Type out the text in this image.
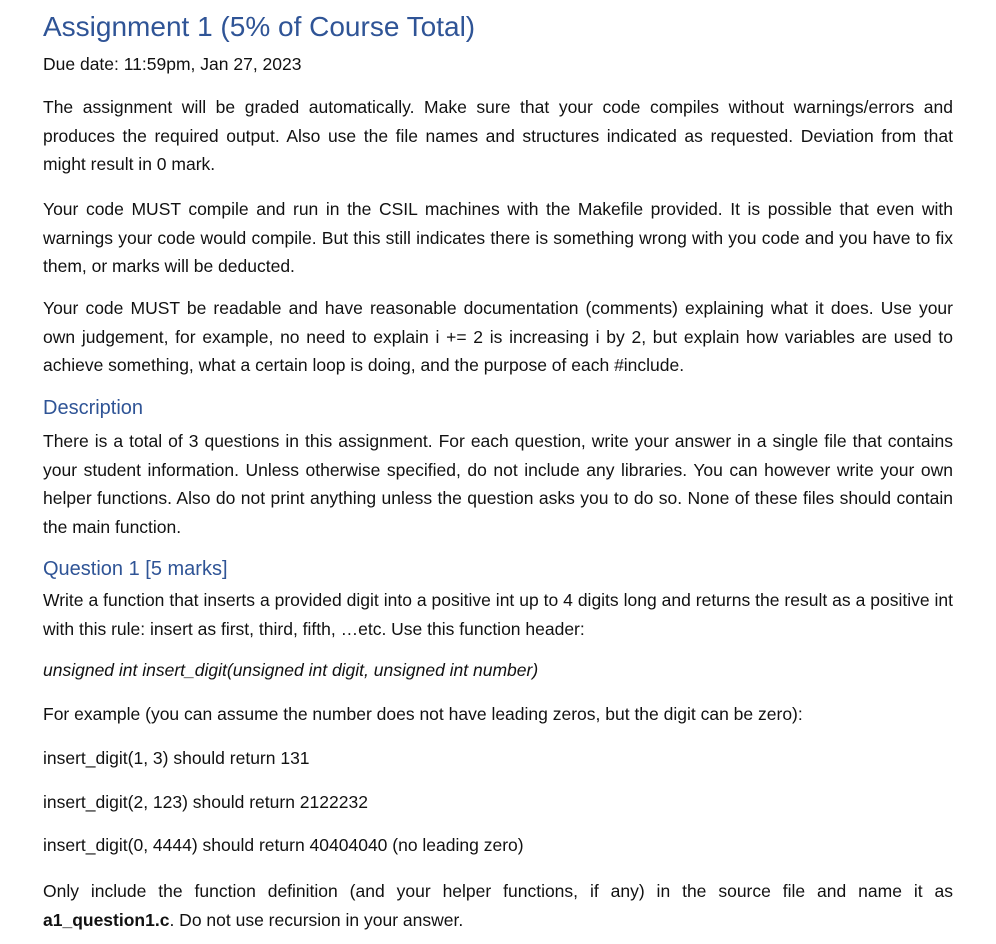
Assignment 1 (5% of Course Total)
Due date: 11:59pm, Jan 27, 2023
The assignment will be graded automatically. Make sure that your code compiles without warnings/errors and produces the required output. Also use the file names and structures indicated as requested. Deviation from that might result in 0 mark.
Your code MUST compile and run in the CSIL machines with the Makefile provided. It is possible that even with warnings your code would compile. But this still indicates there is something wrong with you code and you have to fix them, or marks will be deducted.
Your code MUST be readable and have reasonable documentation (comments) explaining what it does. Use your own judgement, for example, no need to explain i += 2 is increasing i by 2, but explain how variables are used to achieve something, what a certain loop is doing, and the purpose of each #include.
Description
There is a total of 3 questions in this assignment. For each question, write your answer in a single file that contains your student information. Unless otherwise specified, do not include any libraries. You can however write your own helper functions. Also do not print anything unless the question asks you to do so. None of these files should contain the main function.
Question 1 [5 marks]
Write a function that inserts a provided digit into a positive int up to 4 digits long and returns the result as a positive int with this rule: insert as first, third, fifth, …etc. Use this function header:
unsigned int insert_digit(unsigned int digit, unsigned int number)
For example (you can assume the number does not have leading zeros, but the digit can be zero):
insert_digit(1, 3) should return 131
insert_digit(2, 123) should return 2122232
insert_digit(0, 4444) should return 40404040 (no leading zero)
Only include the function definition (and your helper functions, if any) in the source file and name it as a1_question1.c. Do not use recursion in your answer.
